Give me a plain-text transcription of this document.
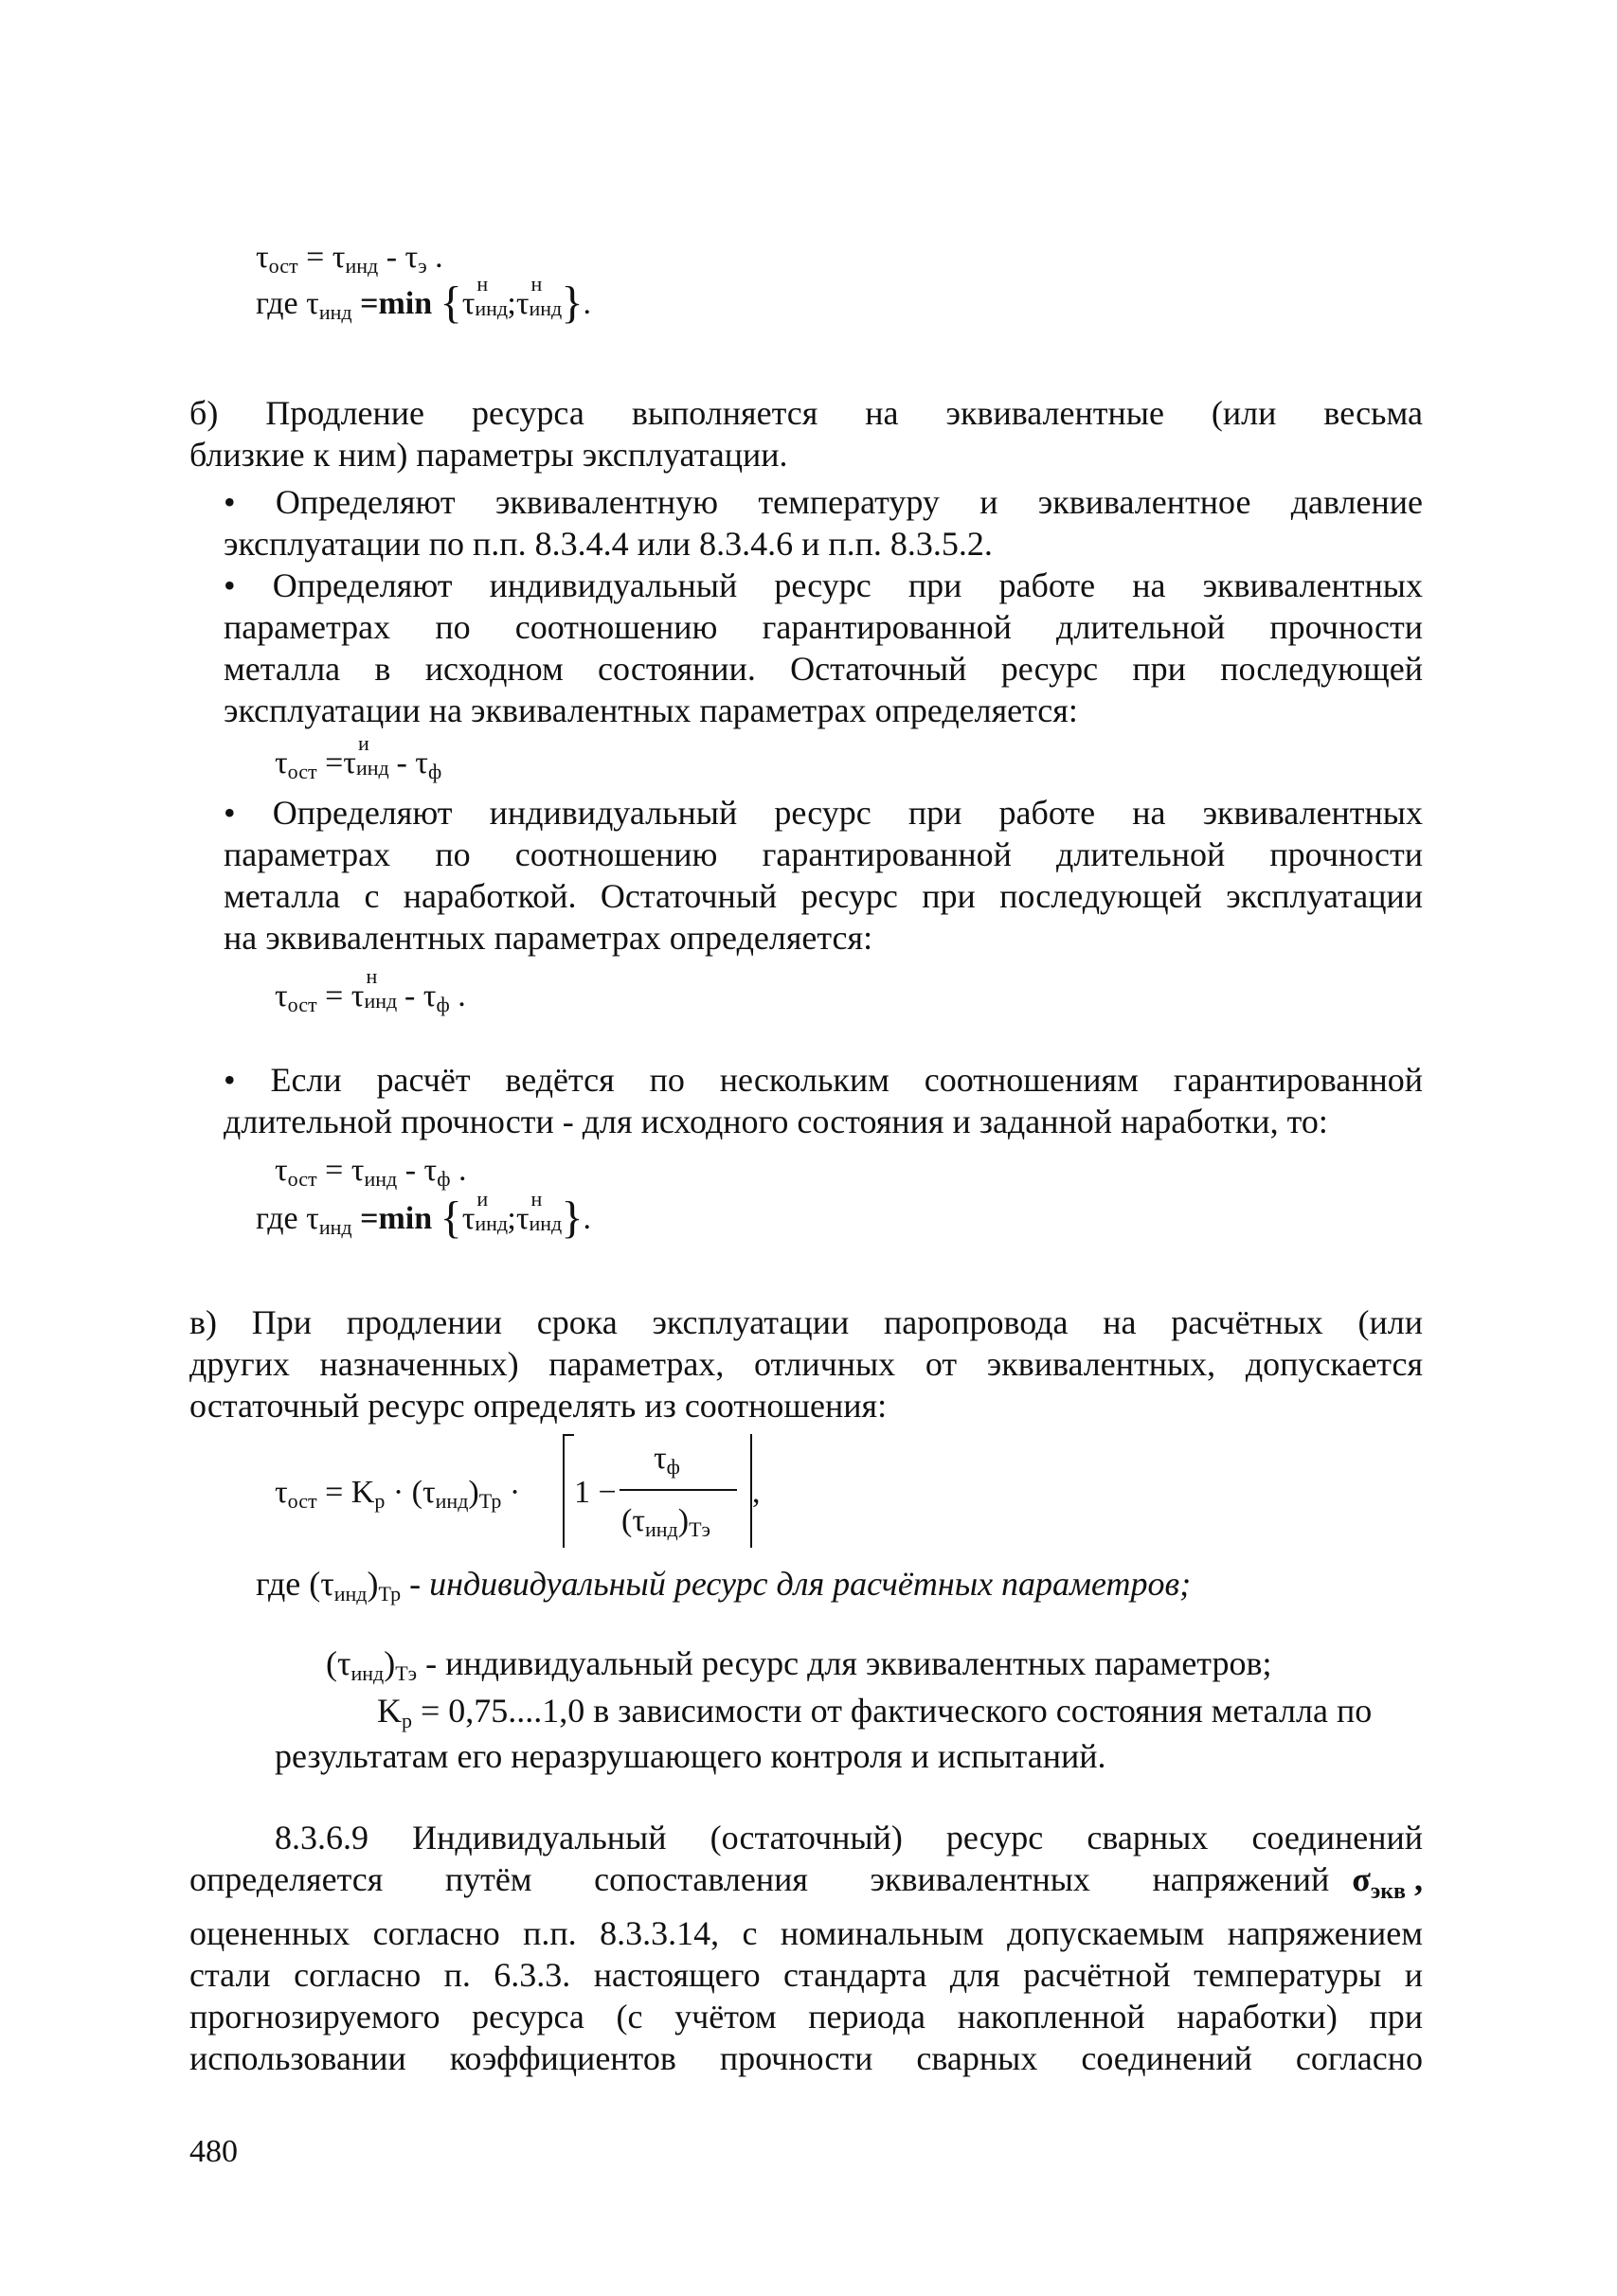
$\tau_{ост} = \tau_{инд} - \tau_э$ .
где $\tau_{инд} =\min$ {τ
н
инд ;τ
н
инд }.
б) Продление ресурса выполняется на эквивалентные (или весьма
близкие к ним) параметры эксплуатации.
• Определяют эквивалентную температуру и эквивалентное давление
эксплуатации по п.п. 8.3.4.4 или 8.3.4.6 и п.п. 8.3.5.2.
• Определяют индивидуальный ресурс при работе на эквивалентных
параметрах по соотношению гарантированной длительной прочности
металла в исходном состоянии. Остаточный ресурс при последующей
эксплуатации на эквивалентных параметрах определяется:
$\tau_{ост} =\tau$
и
инд - $\tau_ф$
• Определяют индивидуальный ресурс при работе на эквивалентных
параметрах по соотношению гарантированной длительной прочности
металла с наработкой. Остаточный ресурс при последующей эксплуатации
на эквивалентных параметрах определяется:
$\tau_{ост} = \tau$
н
инд - $\tau_ф$ .
• Если расчёт ведётся по нескольким соотношениям гарантированной
длительной прочности - для исходного состояния и заданной наработки, то:
$\tau_{ост} = \tau_{инд} - \tau_ф$ .
где $\tau_{инд} =\min$ {τ
и
инд ;τ
н
инд }.
в) При продлении срока эксплуатации паропровода на расчётных (или
других назначенных) параметрах, отличных от эквивалентных, допускается
остаточный ресурс определять из соотношения:
$\tau_{ост} = K_р \cdot (\tau_{инд})_{Тр} \cdot 1$ −
$\tau_ф$
$(\tau_{инд})_{Тэ}$
,
где $(\tau_{инд})_{Тр}$ - индивидуальный ресурс для расчётных параметров;
$(\tau_{инд})_{Тэ}$ - индивидуальный ресурс для эквивалентных параметров;
$K_р = 0,75....1,0$ в зависимости от фактического состояния металла по
результатам его неразрушающего контроля и испытаний.
8.3.6.9 Индивидуальный (остаточный) ресурс сварных соединений
определяется путём сопоставления эквивалентных напряжений $\sigma_{экв}$ ,
оцененных согласно п.п. 8.3.3.14, с номинальным допускаемым напряжением
стали согласно п. 6.3.3. настоящего стандарта для расчётной температуры и
прогнозируемого ресурса (с учётом периода накопленной наработки) при
использовании коэффициентов прочности сварных соединений согласно
480
